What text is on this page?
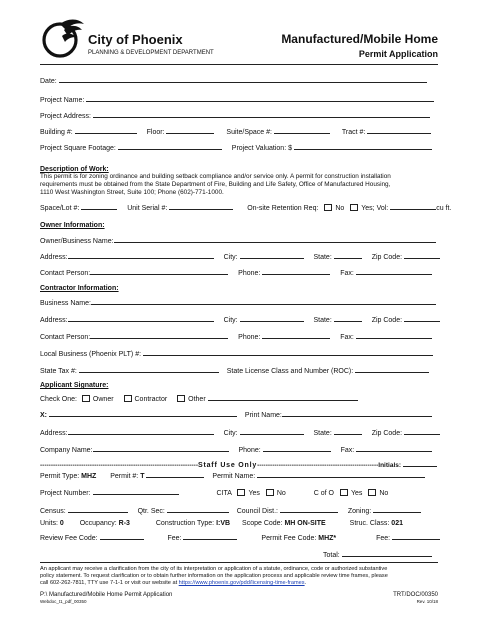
City of Phoenix
PLANNING & DEVELOPMENT DEPARTMENT
Manufactured/Mobile Home
Permit Application
Date:
Project Name:
Project Address:
Building #:	Floor:	Suite/Space #:	Tract #:
Project Square Footage:	Project Valuation: $
Description of Work:
This permit is for zoning ordinance and building setback compliance and/or service only. A permit for construction installation
requirements must be obtained from the State Department of Fire, Building and Life Safety, Office of Manufactured Housing,
1110 West Washington Street, Suite 100; Phone (602)-771-1000.
Space/Lot #:	Unit Serial #:	On-site Retention Req: No Yes; Vol:	cu ft.
Owner Information:
Owner/Business Name:
Address:	City:	State:	Zip Code:
Contact Person:	Phone:	Fax:
Contractor Information:
Business Name:
Address:	City:	State:	Zip Code:
Contact Person:	Phone:	Fax:
Local Business (Phoenix PLT) #:
State Tax #:	State License Class and Number (ROC):
Applicant Signature:
Check One: Owner	Contractor	Other
X:	Print Name:
Address:	City:	State:	Zip Code:
Company Name:	Phone:	Fax:
-------------------------------------------------------------------------Staff Use Only--------------------------------------------------------Initials:
Permit Type: MHZ Permit #: T	Permit Name:
Project Number:	CITA Yes No	C of O Yes No
Census:	Qtr. Sec:	Council Dist.:	Zoning:
Units: 0 Occupancy: R-3	Construction Type: I:VB Scope Code: MH ON-SITE	Struc. Class: 021
Review Fee Code:	Fee:	Permit Fee Code: MHZ*	Fee:
Total:
An applicant may receive a clarification from the city of its interpretation or application of a statute, ordinance, code or authorized substantive
policy statement. To request clarification or to obtain further information on the application process and applicable review time frames, please
call 602-262-7811, TTY use 7-1-1 or visit our website at https://www.phoenix.gov/pdd/licensing-time-frames.
P:\ Manufactured/Mobile Home Permit Application
Webdoc_t1_pdf_00350
TRT/DOC/00350
Rev. 10/18
